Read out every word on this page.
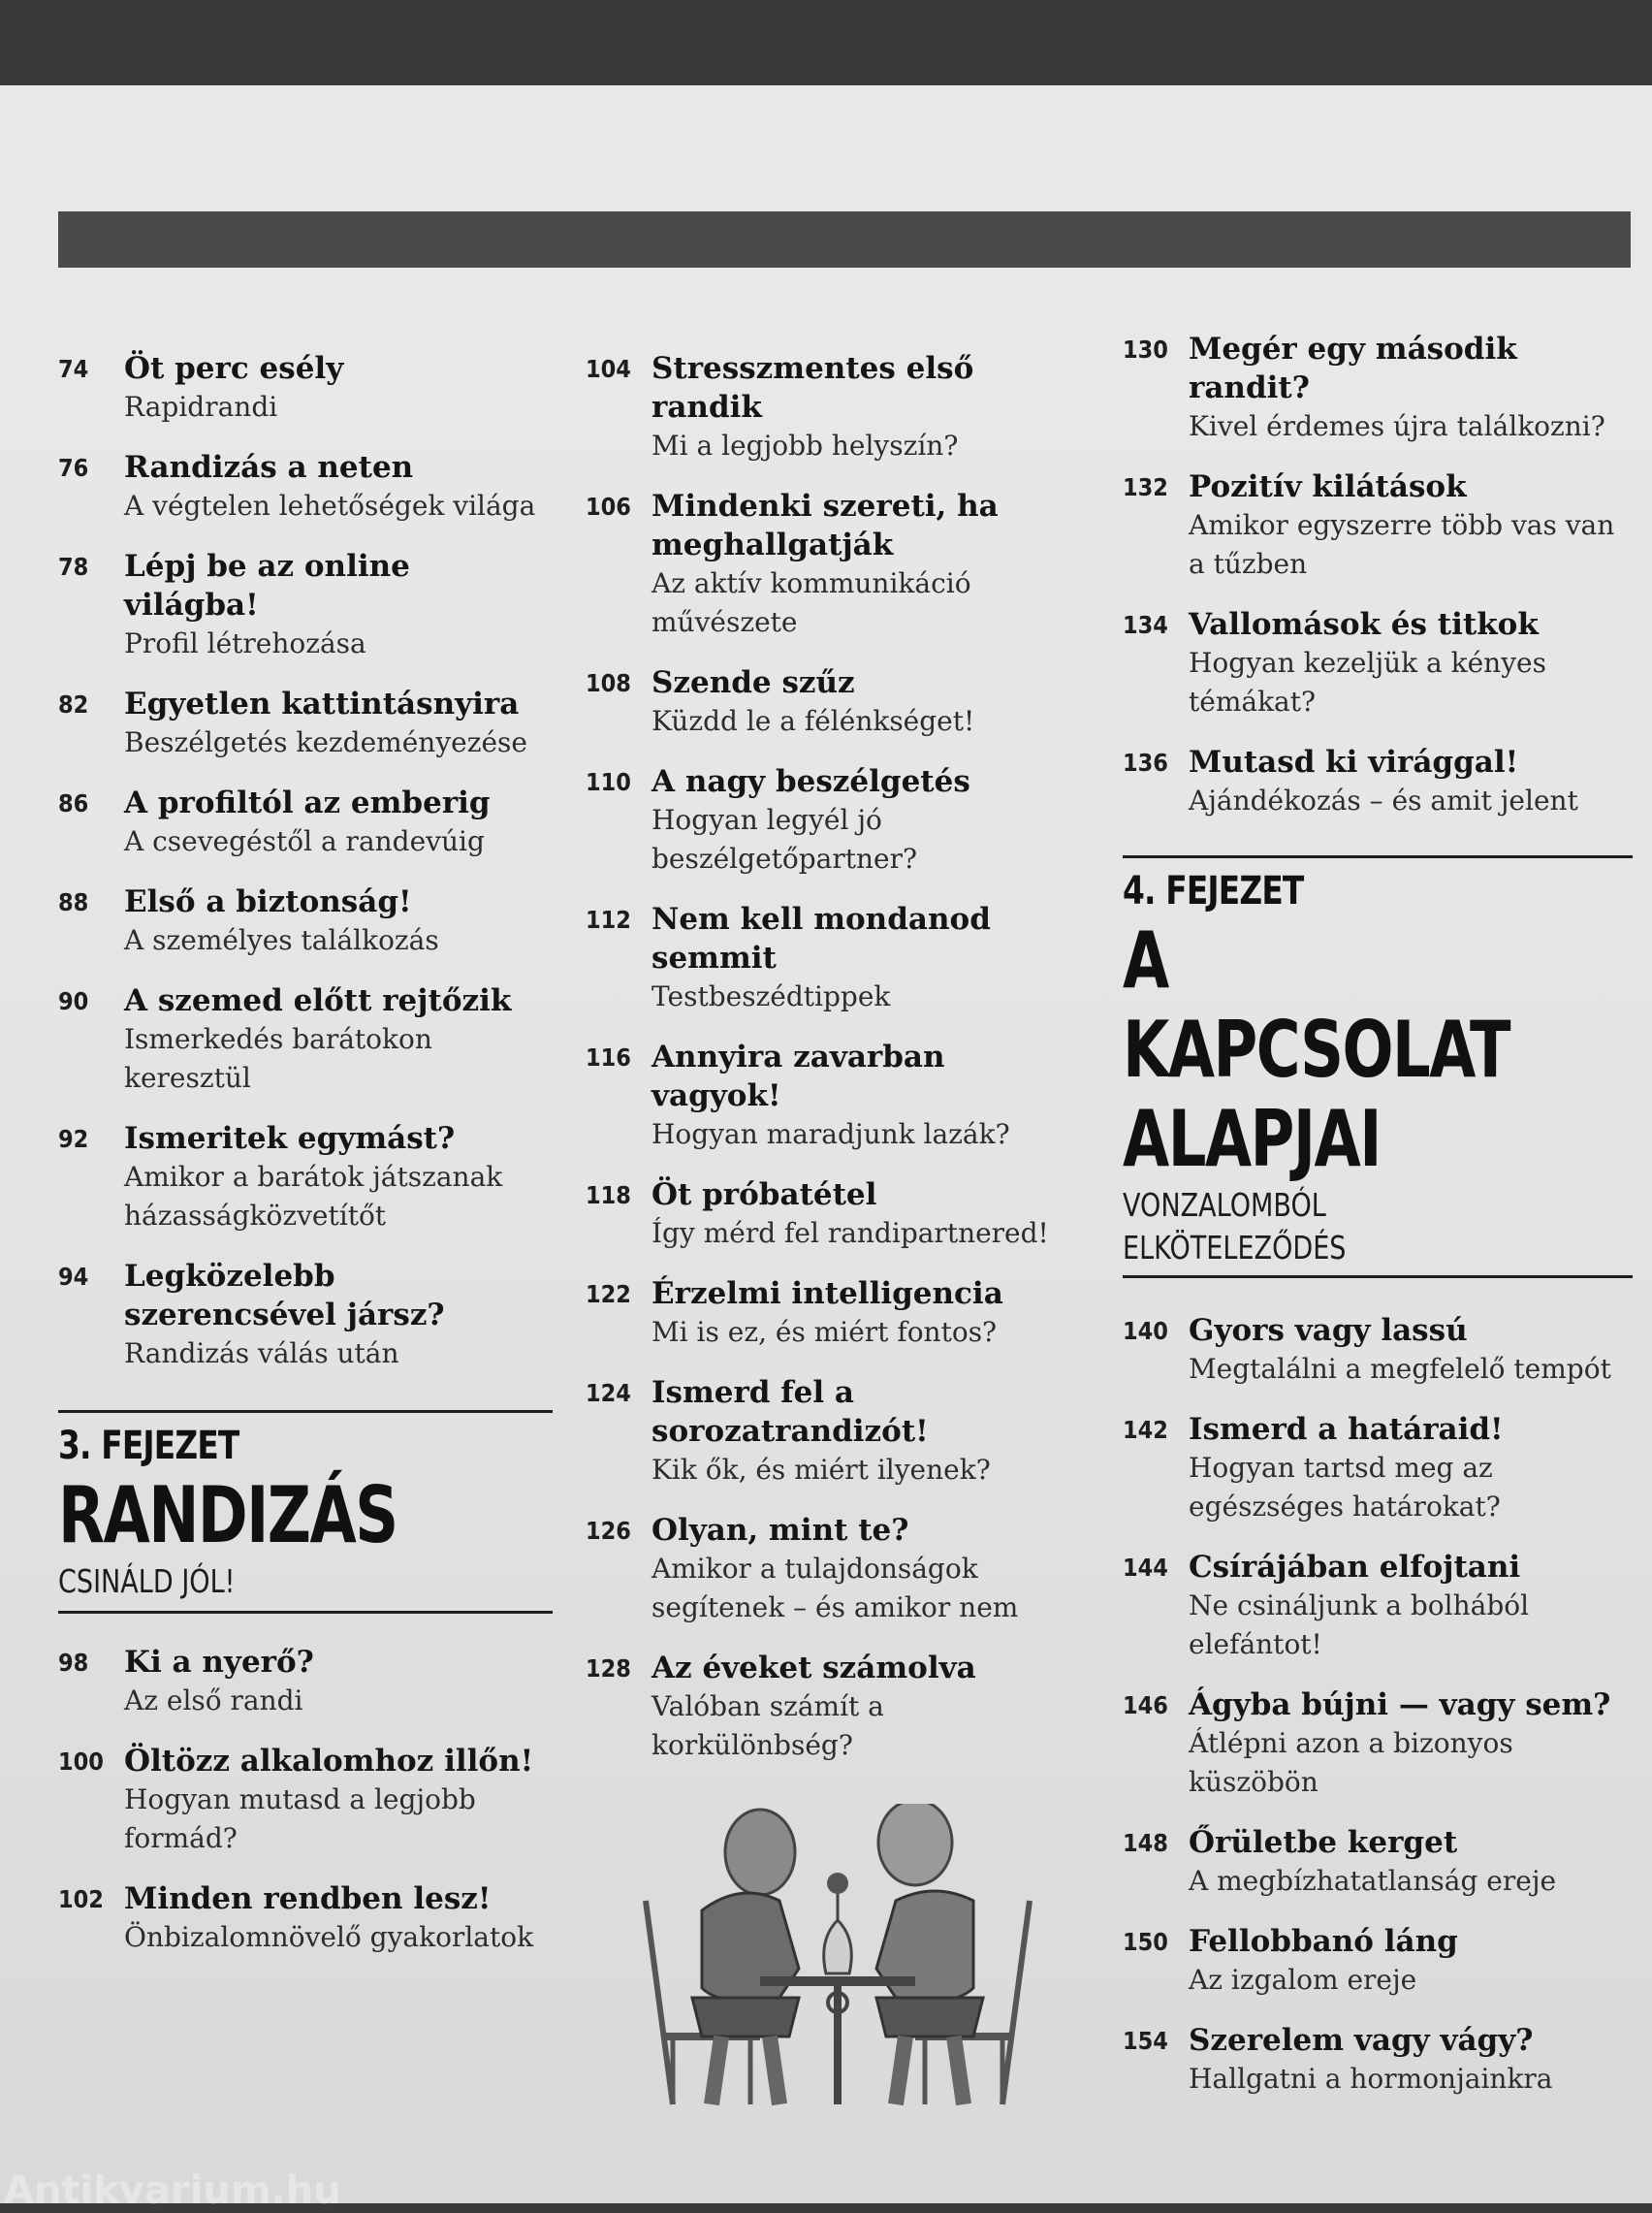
74 Öt perc esély
Rapidrandi
76 Randizás a neten
A végtelen lehetőségek világa
78 Lépj be az online világba!
Profil létrehozása
82 Egyetlen kattintásnyira
Beszélgetés kezdeményezése
86 A profiltól az emberig
A csevegéstől a randevúig
88 Első a biztonság!
A személyes találkozás
90 A szemed előtt rejtőzik
Ismerkedés barátokon keresztül
92 Ismeritek egymást?
Amikor a barátok játszanak házasságközvetítőt
94 Legközelebb szerencsével jársz?
Randizás válás után
3. FEJEZET
RANDIZÁS
CSINÁLD JÓL!
98 Ki a nyerő?
Az első randi
100 Öltözz alkalomhoz illőn!
Hogyan mutasd a legjobb formád?
102 Minden rendben lesz!
Önbizalomnövelő gyakorlatok
104 Stresszmentes első randik
Mi a legjobb helyszín?
106 Mindenki szereti, ha meghallgatják
Az aktív kommunikáció művészete
108 Szende szűz
Küzdd le a félénkséget!
110 A nagy beszélgetés
Hogyan legyél jó beszélgetőpartner?
112 Nem kell mondanod semmit
Testbeszédtippek
116 Annyira zavarban vagyok!
Hogyan maradjunk lazák?
118 Öt próbatétel
Így mérd fel randipartnered!
122 Érzelmi intelligencia
Mi is ez, és miért fontos?
124 Ismerd fel a sorozatrandizót!
Kik ők, és miért ilyenek?
126 Olyan, mint te?
Amikor a tulajdonságok segítenek – és amikor nem
128 Az éveket számolva
Valóban számít a korkülönbség?
130 Megér egy második randit?
Kivel érdemes újra találkozni?
132 Pozitív kilátások
Amikor egyszerre több vas van a tűzben
134 Vallomások és titkok
Hogyan kezeljük a kényes témákat?
136 Mutasd ki virággal!
Ajándékozás – és amit jelent
4. FEJEZET
A KAPCSOLAT
ALAPJAI
VONZALOMBÓL ELKÖTELEZŐDÉS
140 Gyors vagy lassú
Megtalálni a megfelelő tempót
142 Ismerd a határaid!
Hogyan tartsd meg az egészséges határokat?
144 Csírájában elfojtani
Ne csináljunk a bolhából elefántot!
146 Ágyba bújni — vagy sem?
Átlépni azon a bizonyos küszöbön
148 Őrületbe kerget
A megbízhatatlanság ereje
150 Fellobbanó láng
Az izgalom ereje
154 Szerelem vagy vágy?
Hallgatni a hormonjainkra
Antikvarium.hu
